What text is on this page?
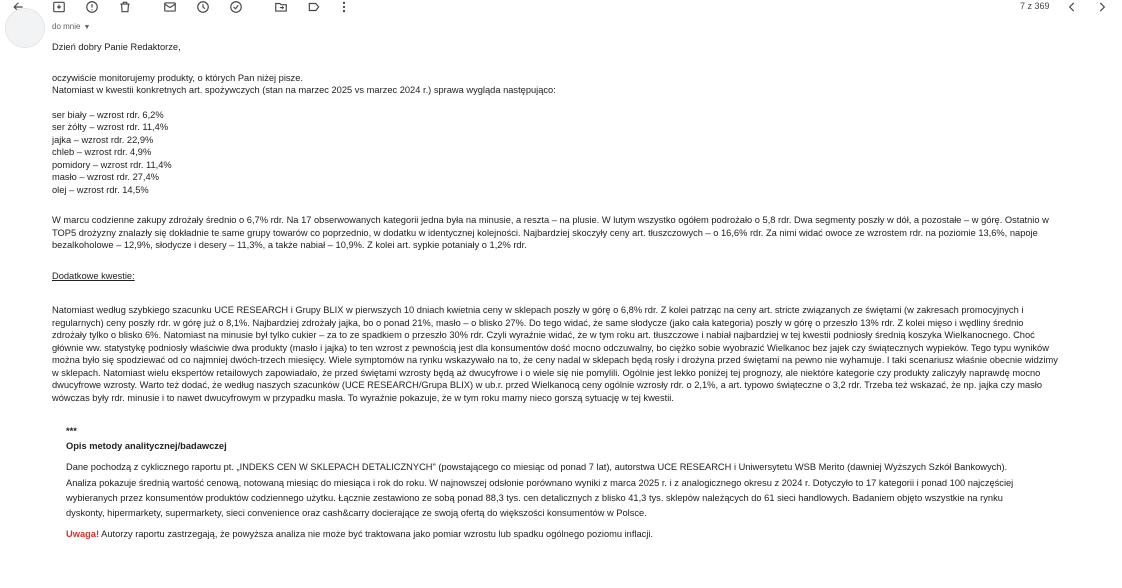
7 z 369
do mnie ▼

Dzień dobry Panie Redaktorze,

oczywiście monitorujemy produkty, o których Pan niżej pisze.

Natomiast w kwestii konkretnych art. spożywczych (stan na marzec 2025 vs marzec 2024 r.) sprawa wygląda następująco:

ser biały – wzrost rdr. 6,2%

ser żółty – wzrost rdr. 11,4%

jajka – wzrost rdr. 22,9%

chleb – wzrost rdr. 4,9%

pomidory – wzrost rdr. 11,4%

masło – wzrost rdr. 27,4%

olej – wzrost rdr. 14,5%

W marcu codzienne zakupy zdrożały średnio o 6,7% rdr. Na 17 obserwowanych kategorii jedna była na minusie, a reszta – na plusie. W lutym wszystko ogółem podrożało o 5,8 rdr. Dwa segmenty poszły w dół, a pozostałe – w górę. Ostatnio w

TOP5 drożyzny znalazły się dokładnie te same grupy towarów co poprzednio, w dodatku w identycznej kolejności. Najbardziej skoczyły ceny art. tłuszczowych – o 16,6% rdr. Za nimi widać owoce ze wzrostem rdr. na poziomie 13,6%, napoje

bezalkoholowe – 12,9%, słodycze i desery – 11,3%, a także nabiał – 10,9%. Z kolei art. sypkie potaniały o 1,2% rdr.

Dodatkowe kwestie:

Natomiast według szybkiego szacunku UCE RESEARCH i Grupy BLIX w pierwszych 10 dniach kwietnia ceny w sklepach poszły w górę o 6,8% rdr. Z kolei patrząc na ceny art. stricte związanych ze świętami (w zakresach promocyjnych i

regularnych) ceny poszły rdr. w górę już o 8,1%. Najbardziej zdrożały jajka, bo o ponad 21%, masło – o blisko 27%. Do tego widać, że same słodycze (jako cała kategoria) poszły w górę o przeszło 13% rdr. Z kolei mięso i wędliny średnio

zdrożały tylko o blisko 6%. Natomiast na minusie był tylko cukier – za to ze spadkiem o przeszło 30% rdr. Czyli wyraźnie widać, że w tym roku art. tłuszczowe i nabiał najbardziej w tej kwestii podniosły średnią koszyka Wielkanocnego. Choć

głównie ww. statystykę podniosły właściwie dwa produkty (masło i jajka) to ten wzrost z pewnością jest dla konsumentów dość mocno odczuwalny, bo ciężko sobie wyobrazić Wielkanoc bez jajek czy świątecznych wypieków. Tego typu wyników

można było się spodziewać od co najmniej dwóch-trzech miesięcy. Wiele symptomów na rynku wskazywało na to, że ceny nadal w sklepach będą rosły i drożyna przed świętami na pewno nie wyhamuje. I taki scenariusz właśnie obecnie widzimy

w sklepach. Natomiast wielu ekspertów retailowych zapowiadało, że przed świętami wzrosty będą aż dwucyfrowe i o wiele się nie pomylili. Ogólnie jest lekko poniżej tej prognozy, ale niektóre kategorie czy produkty zaliczyły naprawdę mocno

dwucyfrowe wzrosty. Warto też dodać, że według naszych szacunków (UCE RESEARCH/Grupa BLIX) w ub.r. przed Wielkanocą ceny ogólnie wzrosły rdr. o 2,1%, a art. typowo świąteczne o 3,2 rdr. Trzeba też wskazać, że np. jajka czy masło

wówczas były rdr. minusie i to nawet dwucyfrowym w przypadku masła. To wyraźnie pokazuje, że w tym roku mamy nieco gorszą sytuację w tej kwestii.

***

Opis metody analitycznej/badawczej

Dane pochodzą z cyklicznego raportu pt. „INDEKS CEN W SKLEPACH DETALICZNYCH" (powstającego co miesiąc od ponad 7 lat), autorstwa UCE RESEARCH i Uniwersytetu WSB Merito (dawniej Wyższych Szkół Bankowych).

Analiza pokazuje średnią wartość cenową, notowaną miesiąc do miesiąca i rok do roku. W najnowszej odsłonie porównano wyniki z marca 2025 r. i z analogicznego okresu z 2024 r. Dotyczyło to 17 kategorii i ponad 100 najczęściej

wybieranych przez konsumentów produktów codziennego użytku. Łącznie zestawiono ze sobą ponad 88,3 tys. cen detalicznych z blisko 41,3 tys. sklepów należących do 61 sieci handlowych. Badaniem objęto wszystkie na rynku

dyskonty, hipermarkety, supermarkety, sieci convenience oraz cash&carry docierające ze swoją ofertą do większości konsumentów w Polsce.

Uwaga! Autorzy raportu zastrzegają, że powyższa analiza nie może być traktowana jako pomiar wzrostu lub spadku ogólnego poziomu inflacji.
